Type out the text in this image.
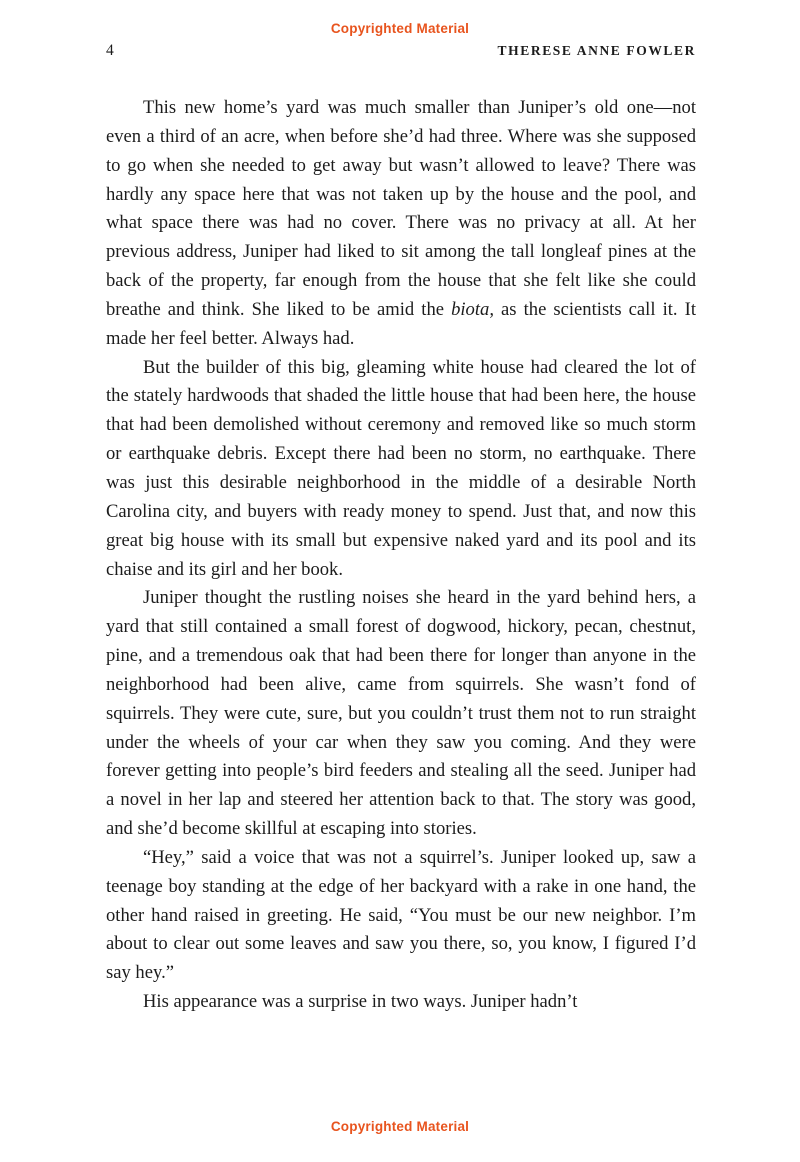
Copyrighted Material
4	THERESE ANNE FOWLER

This new home’s yard was much smaller than Juniper’s old one—not even a third of an acre, when before she’d had three. Where was she supposed to go when she needed to get away but wasn’t allowed to leave? There was hardly any space here that was not taken up by the house and the pool, and what space there was had no cover. There was no privacy at all. At her previous address, Juniper had liked to sit among the tall longleaf pines at the back of the property, far enough from the house that she felt like she could breathe and think. She liked to be amid the biota, as the scientists call it. It made her feel better. Always had.

But the builder of this big, gleaming white house had cleared the lot of the stately hardwoods that shaded the little house that had been here, the house that had been demolished without ceremony and removed like so much storm or earthquake debris. Except there had been no storm, no earthquake. There was just this desirable neighborhood in the middle of a desirable North Carolina city, and buyers with ready money to spend. Just that, and now this great big house with its small but expensive naked yard and its pool and its chaise and its girl and her book.

Juniper thought the rustling noises she heard in the yard behind hers, a yard that still contained a small forest of dogwood, hickory, pecan, chestnut, pine, and a tremendous oak that had been there for longer than anyone in the neighborhood had been alive, came from squirrels. She wasn’t fond of squirrels. They were cute, sure, but you couldn’t trust them not to run straight under the wheels of your car when they saw you coming. And they were forever getting into people’s bird feeders and stealing all the seed. Juniper had a novel in her lap and steered her attention back to that. The story was good, and she’d become skillful at escaping into stories.

“Hey,” said a voice that was not a squirrel’s. Juniper looked up, saw a teenage boy standing at the edge of her backyard with a rake in one hand, the other hand raised in greeting. He said, “You must be our new neighbor. I’m about to clear out some leaves and saw you there, so, you know, I figured I’d say hey.”

His appearance was a surprise in two ways. Juniper hadn’t

Copyrighted Material
